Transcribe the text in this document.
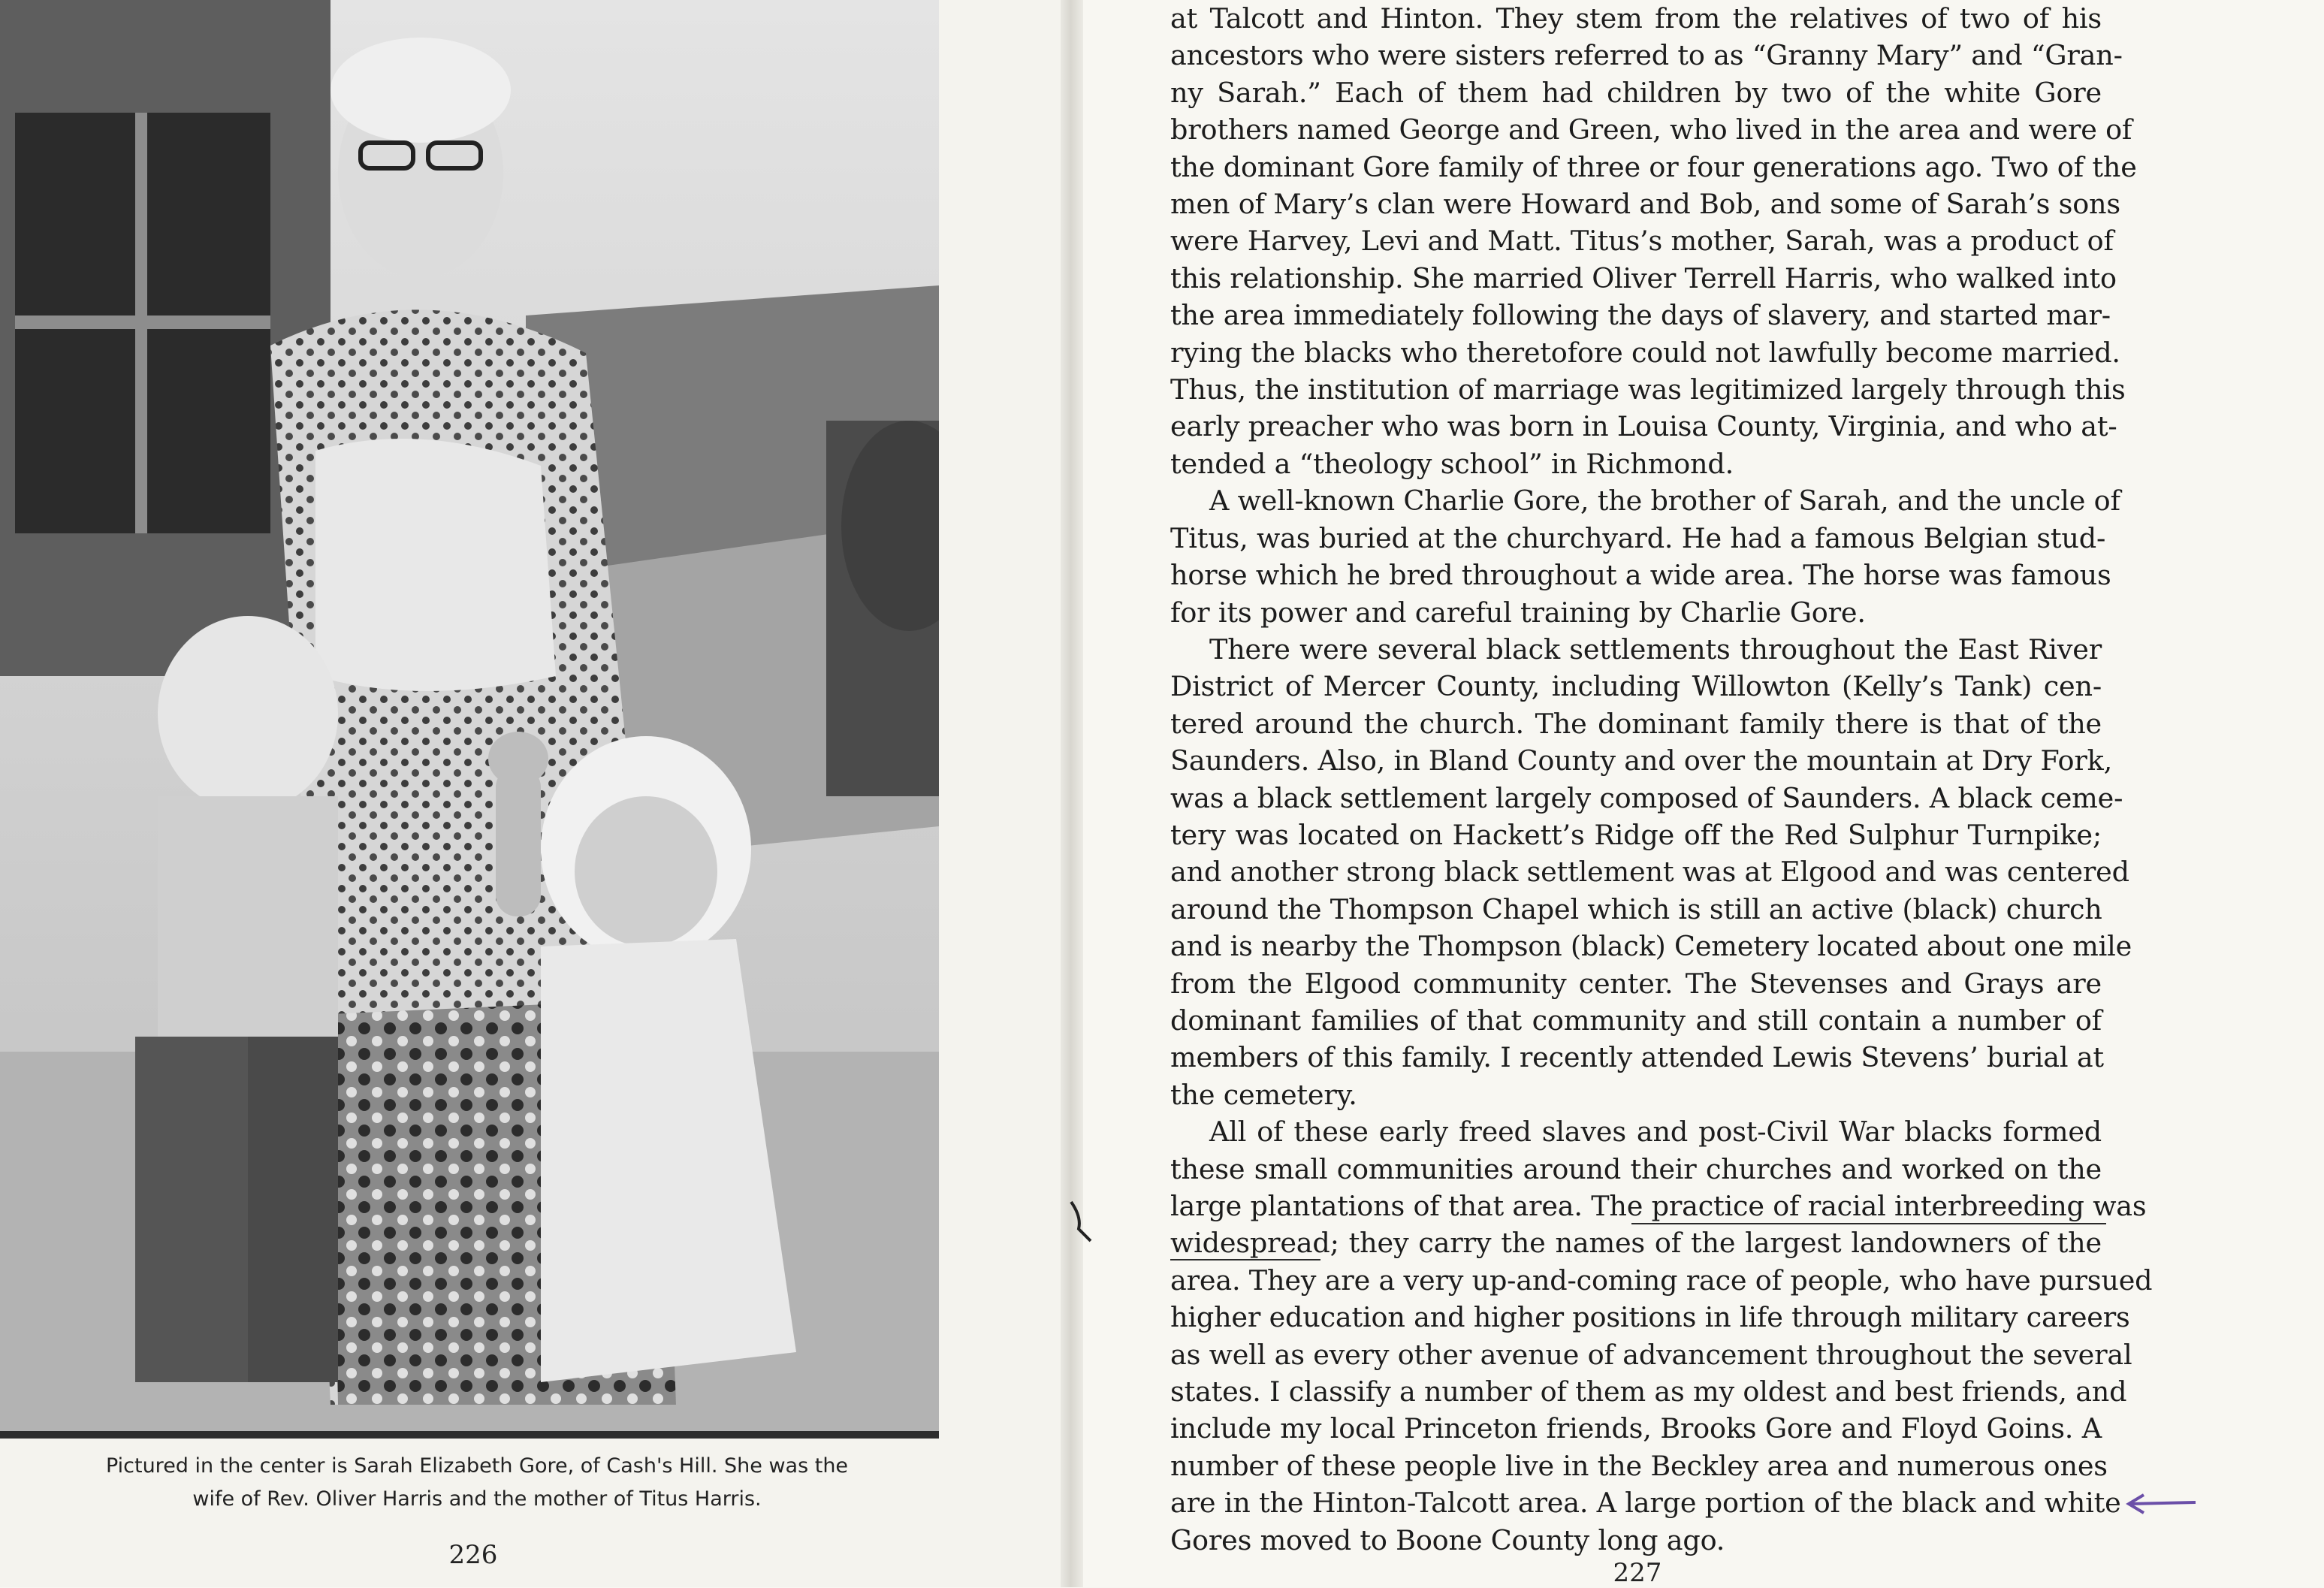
Pictured in the center is Sarah Elizabeth Gore, of Cash's Hill. She was the
wife of Rev. Oliver Harris and the mother of Titus Harris.
226
at Talcott and Hinton. They stem from the relatives of two of his
ancestors who were sisters referred to as “Granny Mary” and “Gran-
ny Sarah.” Each of them had children by two of the white Gore
brothers named George and Green, who lived in the area and were of
the dominant Gore family of three or four generations ago. Two of the
men of Mary’s clan were Howard and Bob, and some of Sarah’s sons
were Harvey, Levi and Matt. Titus’s mother, Sarah, was a product of
this relationship. She married Oliver Terrell Harris, who walked into
the area immediately following the days of slavery, and started mar-
rying the blacks who theretofore could not lawfully become married.
Thus, the institution of marriage was legitimized largely through this
early preacher who was born in Louisa County, Virginia, and who at-
tended a “theology school” in Richmond.
A well-known Charlie Gore, the brother of Sarah, and the uncle of
Titus, was buried at the churchyard. He had a famous Belgian stud-
horse which he bred throughout a wide area. The horse was famous
for its power and careful training by Charlie Gore.
There were several black settlements throughout the East River
District of Mercer County, including Willowton (Kelly’s Tank) cen-
tered around the church. The dominant family there is that of the
Saunders. Also, in Bland County and over the mountain at Dry Fork,
was a black settlement largely composed of Saunders. A black ceme-
tery was located on Hackett’s Ridge off the Red Sulphur Turnpike;
and another strong black settlement was at Elgood and was centered
around the Thompson Chapel which is still an active (black) church
and is nearby the Thompson (black) Cemetery located about one mile
from the Elgood community center. The Stevenses and Grays are
dominant families of that community and still contain a number of
members of this family. I recently attended Lewis Stevens’ burial at
the cemetery.
All of these early freed slaves and post-Civil War blacks formed
these small communities around their churches and worked on the
large plantations of that area. The practice of racial interbreeding was
widespread; they carry the names of the largest landowners of the
area. They are a very up-and-coming race of people, who have pursued
higher education and higher positions in life through military careers
as well as every other avenue of advancement throughout the several
states. I classify a number of them as my oldest and best friends, and
include my local Princeton friends, Brooks Gore and Floyd Goins. A
number of these people live in the Beckley area and numerous ones
are in the Hinton-Talcott area. A large portion of the black and white
Gores moved to Boone County long ago.
227
